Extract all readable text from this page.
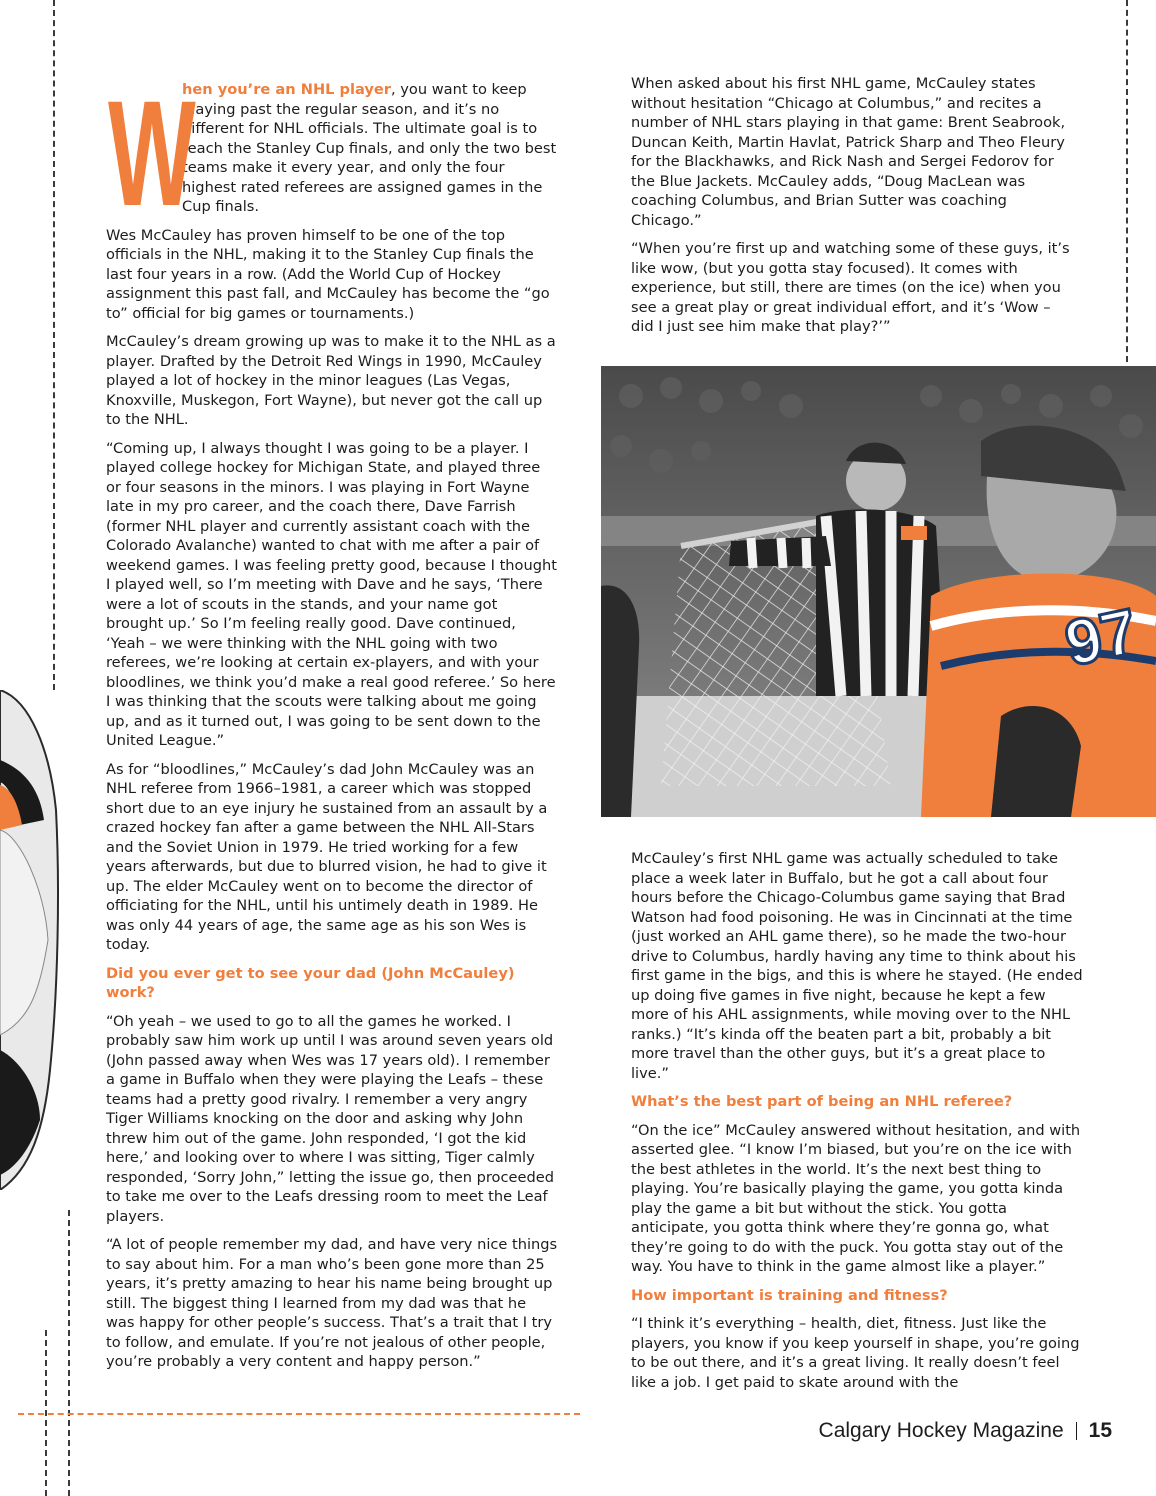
W
hen you’re an NHL player, you want to keep playing past the regular season, and it’s no different for NHL officials. The ultimate goal is to reach the Stanley Cup finals, and only the two best teams make it every year, and only the four highest rated referees are assigned games in the Cup finals.

Wes McCauley has proven himself to be one of the top officials in the NHL, making it to the Stanley Cup finals the last four years in a row. (Add the World Cup of Hockey assignment this past fall, and McCauley has become the “go to” official for big games or tournaments.)

McCauley’s dream growing up was to make it to the NHL as a player. Drafted by the Detroit Red Wings in 1990, McCauley played a lot of hockey in the minor leagues (Las Vegas, Knoxville, Muskegon, Fort Wayne), but never got the call up to the NHL.

“Coming up, I always thought I was going to be a player. I played college hockey for Michigan State, and played three or four seasons in the minors. I was playing in Fort Wayne late in my pro career, and the coach there, Dave Farrish (former NHL player and currently assistant coach with the Colorado Avalanche) wanted to chat with me after a pair of weekend games. I was feeling pretty good, because I thought I played well, so I’m meeting with Dave and he says, ‘There were a lot of scouts in the stands, and your name got brought up.’ So I’m feeling really good. Dave continued, ‘Yeah – we were thinking with the NHL going with two referees, we’re looking at certain ex-players, and with your bloodlines, we think you’d make a real good referee.’ So here I was thinking that the scouts were talking about me going up, and as it turned out, I was going to be sent down to the United League.”

As for “bloodlines,” McCauley’s dad John McCauley was an NHL referee from 1966–1981, a career which was stopped short due to an eye injury he sustained from an assault by a crazed hockey fan after a game between the NHL All-Stars and the Soviet Union in 1979. He tried working for a few years afterwards, but due to blurred vision, he had to give it up. The elder McCauley went on to become the director of officiating for the NHL, until his untimely death in 1989. He was only 44 years of age, the same age as his son Wes is today.

Did you ever get to see your dad (John McCauley) work?

“Oh yeah – we used to go to all the games he worked. I probably saw him work up until I was around seven years old (John passed away when Wes was 17 years old). I remember a game in Buffalo when they were playing the Leafs – these teams had a pretty good rivalry. I remember a very angry Tiger Williams knocking on the door and asking why John threw him out of the game. John responded, ‘I got the kid here,’ and looking over to where I was sitting, Tiger calmly responded, ‘Sorry John,” letting the issue go, then proceeded to take me over to the Leafs dressing room to meet the Leaf players.

“A lot of people remember my dad, and have very nice things to say about him. For a man who’s been gone more than 25 years, it’s pretty amazing to hear his name being brought up still. The biggest thing I learned from my dad was that he was happy for other people’s success. That’s a trait that I try to follow, and emulate. If you’re not jealous of other people, you’re probably a very content and happy person.”

When asked about his first NHL game, McCauley states without hesitation “Chicago at Columbus,” and recites a number of NHL stars playing in that game: Brent Seabrook, Duncan Keith, Martin Havlat, Patrick Sharp and Theo Fleury for the Blackhawks, and Rick Nash and Sergei Fedorov for the Blue Jackets. McCauley adds, “Doug MacLean was coaching Columbus, and Brian Sutter was coaching Chicago.”

“When you’re first up and watching some of these guys, it’s like wow, (but you gotta stay focused). It comes with experience, but still, there are times (on the ice) when you see a great play or great individual effort, and it’s ‘Wow – did I just see him make that play?’”

97

McCauley’s first NHL game was actually scheduled to take place a week later in Buffalo, but he got a call about four hours before the Chicago-Columbus game saying that Brad Watson had food poisoning. He was in Cincinnati at the time (just worked an AHL game there), so he made the two-hour drive to Columbus, hardly having any time to think about his first game in the bigs, and this is where he stayed. (He ended up doing five games in five night, because he kept a few more of his AHL assignments, while moving over to the NHL ranks.) “It’s kinda off the beaten part a bit, probably a bit more travel than the other guys, but it’s a great place to live.”

What’s the best part of being an NHL referee?

“On the ice” McCauley answered without hesitation, and with asserted glee. “I know I’m biased, but you’re on the ice with the best athletes in the world. It’s the next best thing to playing. You’re basically playing the game, you gotta kinda play the game a bit but without the stick. You gotta anticipate, you gotta think where they’re gonna go, what they’re going to do with the puck. You gotta stay out of the way. You have to think in the game almost like a player.”

How important is training and fitness?

“I think it’s everything – health, diet, fitness. Just like the players, you know if you keep yourself in shape, you’re going to be out there, and it’s a great living. It really doesn’t feel like a job. I get paid to skate around with the

Calgary Hockey Magazine 15
